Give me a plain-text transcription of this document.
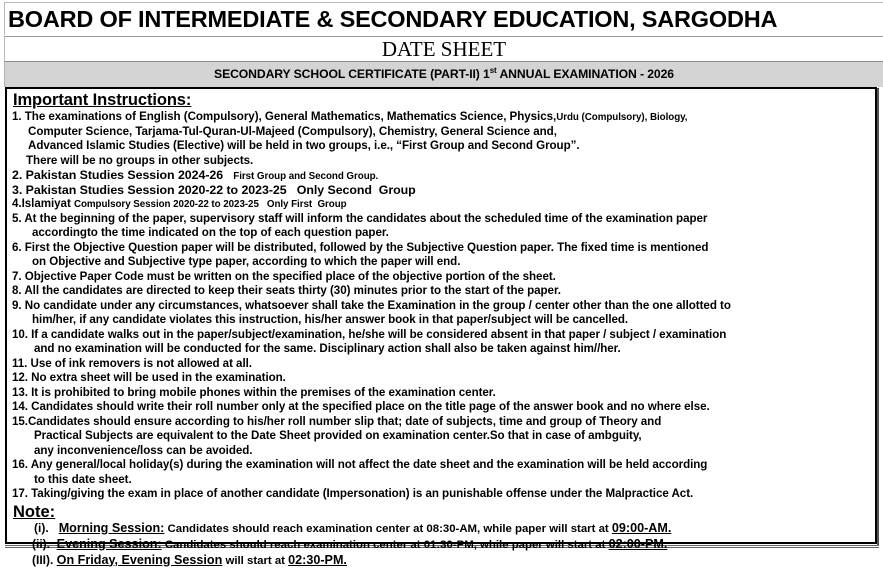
BOARD OF INTERMEDIATE & SECONDARY EDUCATION, SARGODHA
DATE SHEET
SECONDARY SCHOOL CERTIFICATE (PART-II) 1st ANNUAL EXAMINATION - 2026
Important Instructions:
1. The examinations of English (Compulsory), General Mathematics, Mathematics Science, Physics,Urdu (Compulsory), Biology,
Computer Science, Tarjama-Tul-Quran-Ul-Majeed (Compulsory), Chemistry, General Science and,
Advanced Islamic Studies (Elective) will be held in two groups, i.e., “First Group and Second Group”.
There will be no groups in other subjects.
2. Pakistan Studies Session 2024-26 First Group and Second Group.
3. Pakistan Studies Session 2020-22 to 2023-25   Only Second  Group
4.Islamiyat Compulsory Session 2020-22 to 2023-25   Only First  Group
5. At the beginning of the paper, supervisory staff will inform the candidates about the scheduled time of the examination paper
accordingto the time indicated on the top of each question paper.
6. First the Objective Question paper will be distributed, followed by the Subjective Question paper. The fixed time is mentioned
on Objective and Subjective type paper, according to which the paper will end.
7. Objective Paper Code must be written on the specified place of the objective portion of the sheet.
8. All the candidates are directed to keep their seats thirty (30) minutes prior to the start of the paper.
9. No candidate under any circumstances, whatsoever shall take the Examination in the group / center other than the one allotted to
him/her, if any candidate violates this instruction, his/her answer book in that paper/subject will be cancelled.
10. If a candidate walks out in the paper/subject/examination, he/she will be considered absent in that paper / subject / examination
and no examination will be conducted for the same. Disciplinary action shall also be taken against him//her.
11. Use of ink removers is not allowed at all.
12. No extra sheet will be used in the examination.
13. It is prohibited to bring mobile phones within the premises of the examination center.
14. Candidates should write their roll number only at the specified place on the title page of the answer book and no where else.
15.Candidates should ensure according to his/her roll number slip that; date of subjects, time and group of Theory and
Practical Subjects are equivalent to the Date Sheet provided on examination center.So that in case of ambguity,
any inconvenience/loss can be avoided.
16. Any general/local holiday(s) during the examination will not affect the date sheet and the examination will be held according
to this date sheet.
17. Taking/giving the exam in place of another candidate (Impersonation) is an punishable offense under the Malpractice Act.
Note:
(i). Morning Session: Candidates should reach examination center at 08:30-AM, while paper will start at 09:00-AM.
(ii). Evening Session: Candidates should reach examination center at 01:30-PM, while paper will start at 02:00-PM.
(III). On Friday, Evening Session will start at 02:30-PM.
